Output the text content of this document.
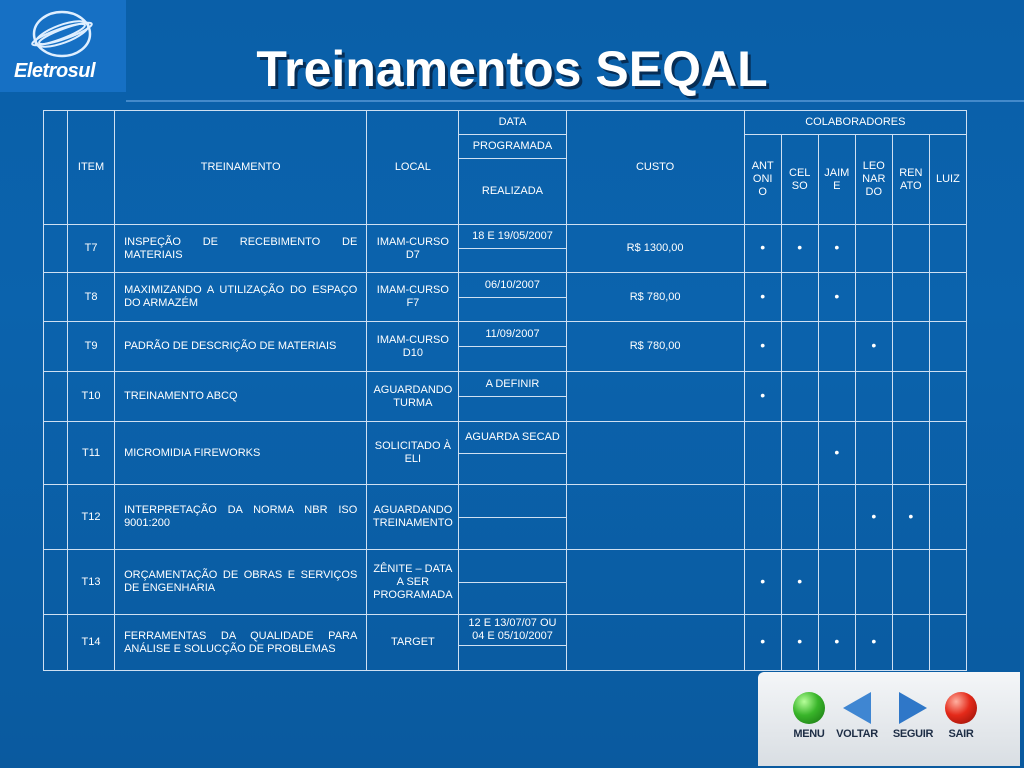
Eletrosul	Treinamentos SEQAL
	ITEM	TREINAMENTO	LOCAL	DATA	CUSTO	COLABORADORES					
				PROGRAMADA		ANTONIO	CELSO	JAIME	LEONARDO	RENATO	LUIZ
				REALIZADA							
	T7	INSPEÇÃO DE RECEBIMENTO DE MATERIAIS	IMAM-CURSO D7	18 E 19/05/2007	R$ 1300,00	•	•	•			

	T8	MAXIMIZANDO A UTILIZAÇÃO DO ESPAÇO DO ARMAZÉM	IMAM-CURSO F7	06/10/2007	R$ 780,00	•		•			

	T9	PADRÃO DE DESCRIÇÃO DE MATERIAIS	IMAM-CURSO D10	11/09/2007	R$ 780,00	•			•		

	T10	TREINAMENTO ABCQ	AGUARDANDO TURMA	A DEFINIR		•					

	T11	MICROMIDIA FIREWORKS	SOLICITADO À ELI	AGUARDA SECAD				•			

	T12	INTERPRETAÇÃO DA NORMA NBR ISO 9001:200	AGUARDANDO TREINAMENTO						•	•	

	T13	ORÇAMENTAÇÃO DE OBRAS E SERVIÇOS DE ENGENHARIA	ZÊNITE – DATA A SER PROGRAMADA			•	•				

	T14	FERRAMENTAS DA QUALIDADE PARA ANÁLISE E SOLUCÇÃO DE PROBLEMAS	TARGET	12 E 13/07/07 OU 04 E 05/10/2007		•	•	•	•		

MENU	VOLTAR	SEGUIR	SAIR
